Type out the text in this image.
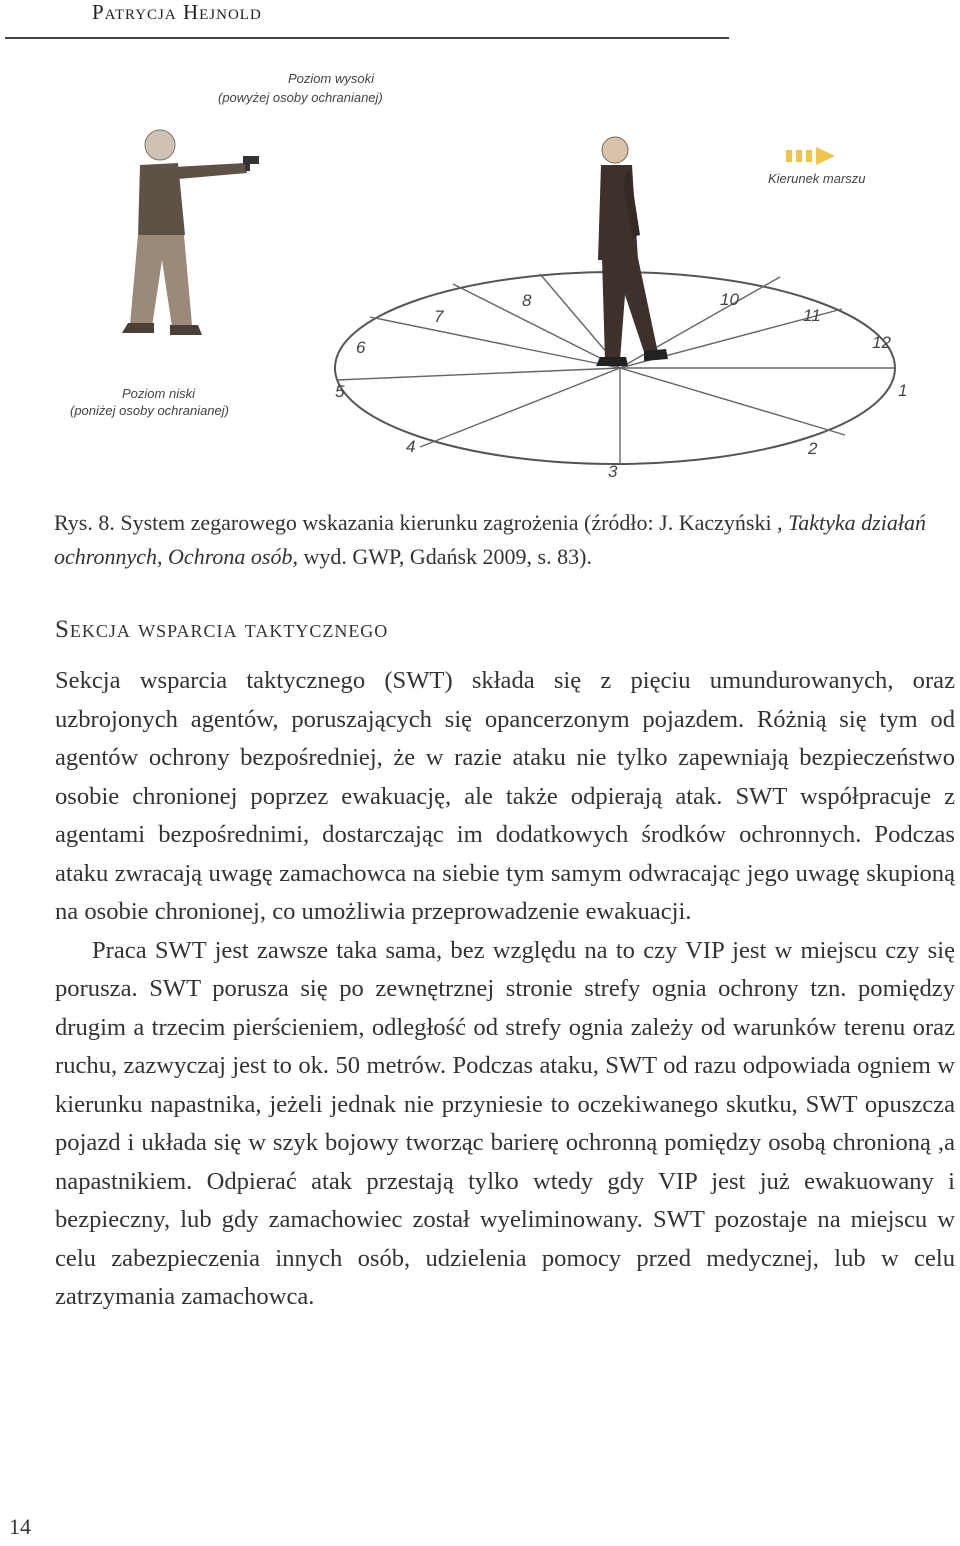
Patrycja Hejnold
Poziom wysoki
(powyżej osoby ochranianej)
Poziom niski
(poniżej osoby ochranianej)
Kierunek marszu
1
2
3
4
5
6
7
8	10
11
12
Rys. 8. System zegarowego wskazania kierunku zagrożenia (źródło: J. Kaczyński , Taktyka działań ochronnych, Ochrona osób, wyd. GWP, Gdańsk 2009, s. 83).
Sekcja wsparcia taktycznego

Sekcja wsparcia taktycznego (SWT) składa się z pięciu umundurowanych, oraz uzbrojonych agentów, poruszających się opancerzonym pojazdem. Różnią się tym od agentów ochrony bezpośredniej, że w razie ataku nie tylko zapewniają bezpieczeństwo osobie chronionej poprzez ewakuację, ale także odpierają atak. SWT współpracuje z agentami bezpośrednimi, dostarczając im dodatkowych środków ochronnych. Podczas ataku zwracają uwagę zamachowca na siebie tym samym odwracając jego uwagę skupioną na osobie chronionej, co umożliwia przeprowadzenie ewakuacji.

Praca SWT jest zawsze taka sama, bez względu na to czy VIP jest w miejscu czy się porusza. SWT porusza się po zewnętrznej stronie strefy ognia ochrony tzn. pomiędzy drugim a trzecim pierścieniem, odległość od strefy ognia zależy od warunków terenu oraz ruchu, zazwyczaj jest to ok. 50 metrów. Podczas ataku, SWT od razu odpowiada ogniem w kierunku napastnika, jeżeli jednak nie przyniesie to oczekiwanego skutku, SWT opuszcza pojazd i układa się w szyk bojowy tworząc barierę ochronną pomiędzy osobą chronioną ,a napastnikiem. Odpierać atak przestają tylko wtedy gdy VIP jest już ewakuowany i bezpieczny, lub gdy zamachowiec został wyeliminowany. SWT pozostaje na miejscu w celu zabezpieczenia innych osób, udzielenia pomocy przed medycznej, lub w celu zatrzymania zamachowca.

14
